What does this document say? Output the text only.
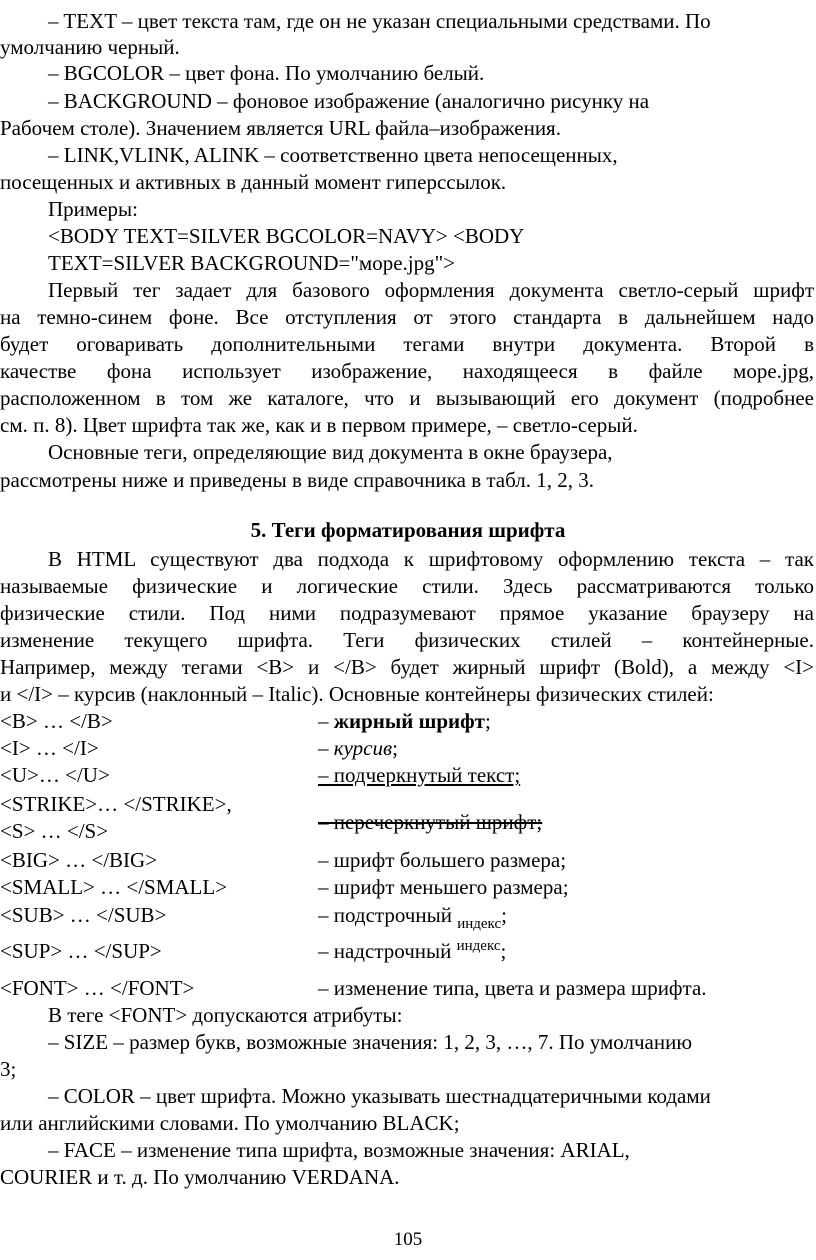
– TEXT – цвет текста там, где он не указан специальными средствами. По
умолчанию черный.
– BGCOLOR – цвет фона. По умолчанию белый.
– BACKGROUND – фоновое изображение (аналогично рисунку на
Рабочем столе). Значением является URL файла–изображения.
– LINK,VLINK, ALINK – соответственно цвета непосещенных,
посещенных и активных в данный момент гиперссылок.
Примеры:
<BODY TEXT=SILVER BGCOLOR=NAVY> <BODY
TEXT=SILVER BACKGROUND="море.jpg">
Первый тег задает для базового оформления документа светло-серый шрифт
на темно-синем фоне. Все отступления от этого стандарта в дальнейшем надо
будет оговаривать дополнительными тегами внутри документа. Второй в
качестве фона использует изображение, находящееся в файле море.jpg,
расположенном в том же каталоге, что и вызывающий его документ (подробнее
см. п. 8). Цвет шрифта так же, как и в первом примере, – светло-серый.
Основные теги, определяющие вид документа в окне браузера,
рассмотрены ниже и приведены в виде справочника в табл. 1, 2, 3.
5. Теги форматирования шрифта
В HTML существуют два подхода к шрифтовому оформлению текста – так
называемые физические и логические стили. Здесь рассматриваются только
физические стили. Под ними подразумевают прямое указание браузеру на
изменение текущего шрифта. Теги физических стилей – контейнерные.
Например, между тегами <B> и </B> будет жирный шрифт (Bold), а между <I>
и </I> – курсив (наклонный – Italic). Основные контейнеры физических стилей:
<B> … </B>	– жирный шрифт;
<I> … </I>	– курсив;
<U>… </U>	– подчеркнутый текст;
<STRIKE>… </STRIKE>,
<S> … </S>	– перечеркнутый шрифт;
<BIG> … </BIG>	– шрифт большего размера;
<SMALL> … </SMALL>	– шрифт меньшего размера;
<SUB> … </SUB>	– подстрочный $_{индекс}$;
<SUP> … </SUP>	– надстрочный $^{индекс}$;
<FONT> … </FONT>	– изменение типа, цвета и размера шрифта.
В теге <FONT> допускаются атрибуты:
– SIZE – размер букв, возможные значения: 1, 2, 3, …, 7. По умолчанию
3;
– COLOR – цвет шрифта. Можно указывать шестнадцатеричными кодами
или английскими словами. По умолчанию BLACK;
– FACE – изменение типа шрифта, возможные значения: ARIAL,
COURIER и т. д. По умолчанию VERDANA.
105
